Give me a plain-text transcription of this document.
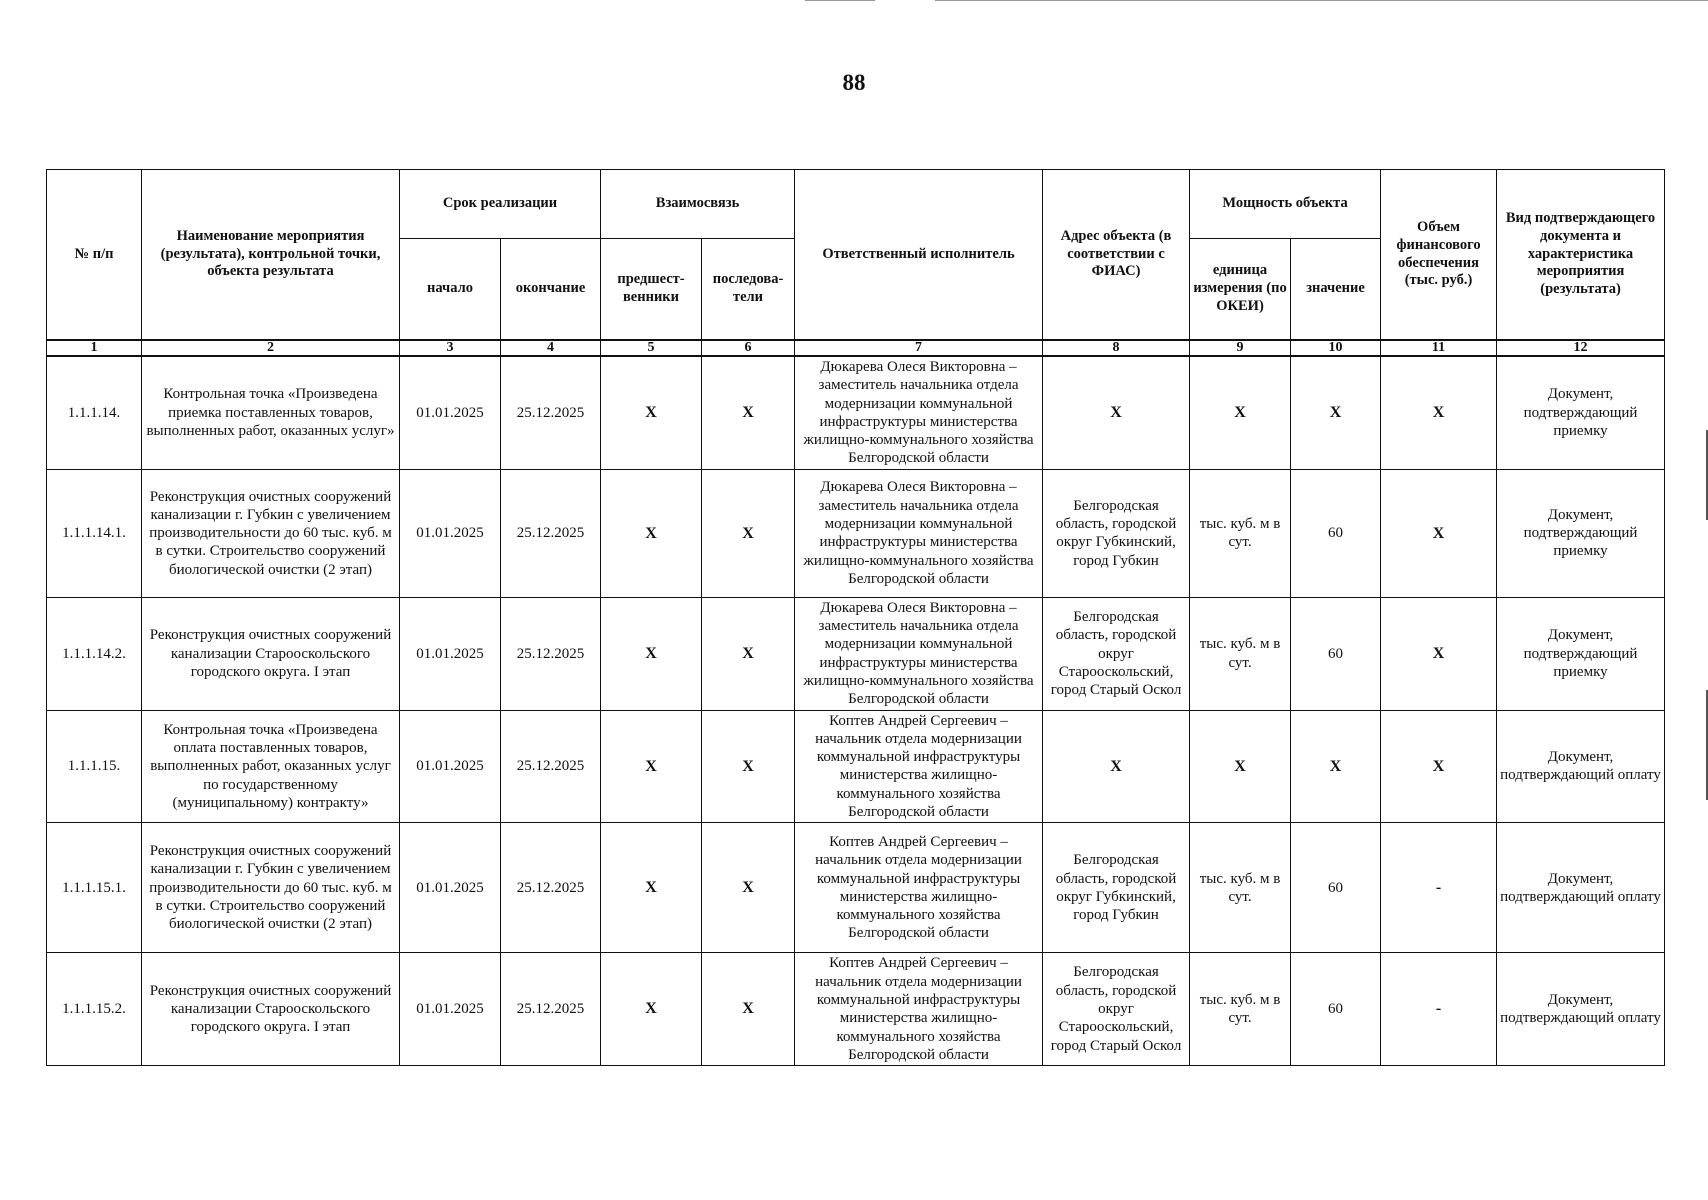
88
№ п/п	Наименование мероприятия (результата), контрольной точки, объекта результата	Срок реализации		Взаимосвязь		Ответственный исполнитель	Адрес объекта (в соответствии с ФИАС)	Мощность объекта		Объем финансового обеспечения (тыс. руб.)	Вид подтверждающего документа и характеристика мероприятия (результата)
		начало	окончание	предшест-венники	последова-тели			единица измерения (по ОКЕИ)	значение		
1	2	3	4	5	6	7	8	9	10	11	12
1.1.1.14.	Контрольная точка «Произведена приемка поставленных товаров, выполненных работ, оказанных услуг»	01.01.2025	25.12.2025	X	X	Дюкарева Олеся Викторовна – заместитель начальника отдела модернизации коммунальной инфраструктуры министерства жилищно-коммунального хозяйства Белгородской области	X	X	X	X	Документ, подтверждающий приемку
1.1.1.14.1.	Реконструкция очистных сооружений канализации г. Губкин с увеличением производительности до 60 тыс. куб. м в сутки. Строительство сооружений биологической очистки (2 этап)	01.01.2025	25.12.2025	X	X	Дюкарева Олеся Викторовна – заместитель начальника отдела модернизации коммунальной инфраструктуры министерства жилищно-коммунального хозяйства Белгородской области	Белгородская область, городской округ Губкинский, город Губкин	тыс. куб. м в сут.	60	X	Документ, подтверждающий приемку
1.1.1.14.2.	Реконструкция очистных сооружений канализации Старооскольского городского округа. I этап	01.01.2025	25.12.2025	X	X	Дюкарева Олеся Викторовна – заместитель начальника отдела модернизации коммунальной инфраструктуры министерства жилищно-коммунального хозяйства Белгородской области	Белгородская область, городской округ Старооскольский, город Старый Оскол	тыс. куб. м в сут.	60	X	Документ, подтверждающий приемку
1.1.1.15.	Контрольная точка «Произведена оплата поставленных товаров, выполненных работ, оказанных услуг по государственному (муниципальному) контракту»	01.01.2025	25.12.2025	X	X	Коптев Андрей Сергеевич – начальник отдела модернизации коммунальной инфраструктуры министерства жилищно-коммунального хозяйства Белгородской области	X	X	X	X	Документ, подтверждающий оплату
1.1.1.15.1.	Реконструкция очистных сооружений канализации г. Губкин с увеличением производительности до 60 тыс. куб. м в сутки. Строительство сооружений биологической очистки (2 этап)	01.01.2025	25.12.2025	X	X	Коптев Андрей Сергеевич – начальник отдела модернизации коммунальной инфраструктуры министерства жилищно-коммунального хозяйства Белгородской области	Белгородская область, городской округ Губкинский, город Губкин	тыс. куб. м в сут.	60	-	Документ, подтверждающий оплату
1.1.1.15.2.	Реконструкция очистных сооружений канализации Старооскольского городского округа. I этап	01.01.2025	25.12.2025	X	X	Коптев Андрей Сергеевич – начальник отдела модернизации коммунальной инфраструктуры министерства жилищно-коммунального хозяйства Белгородской области	Белгородская область, городской округ Старооскольский, город Старый Оскол	тыс. куб. м в сут.	60	-	Документ, подтверждающий оплату
